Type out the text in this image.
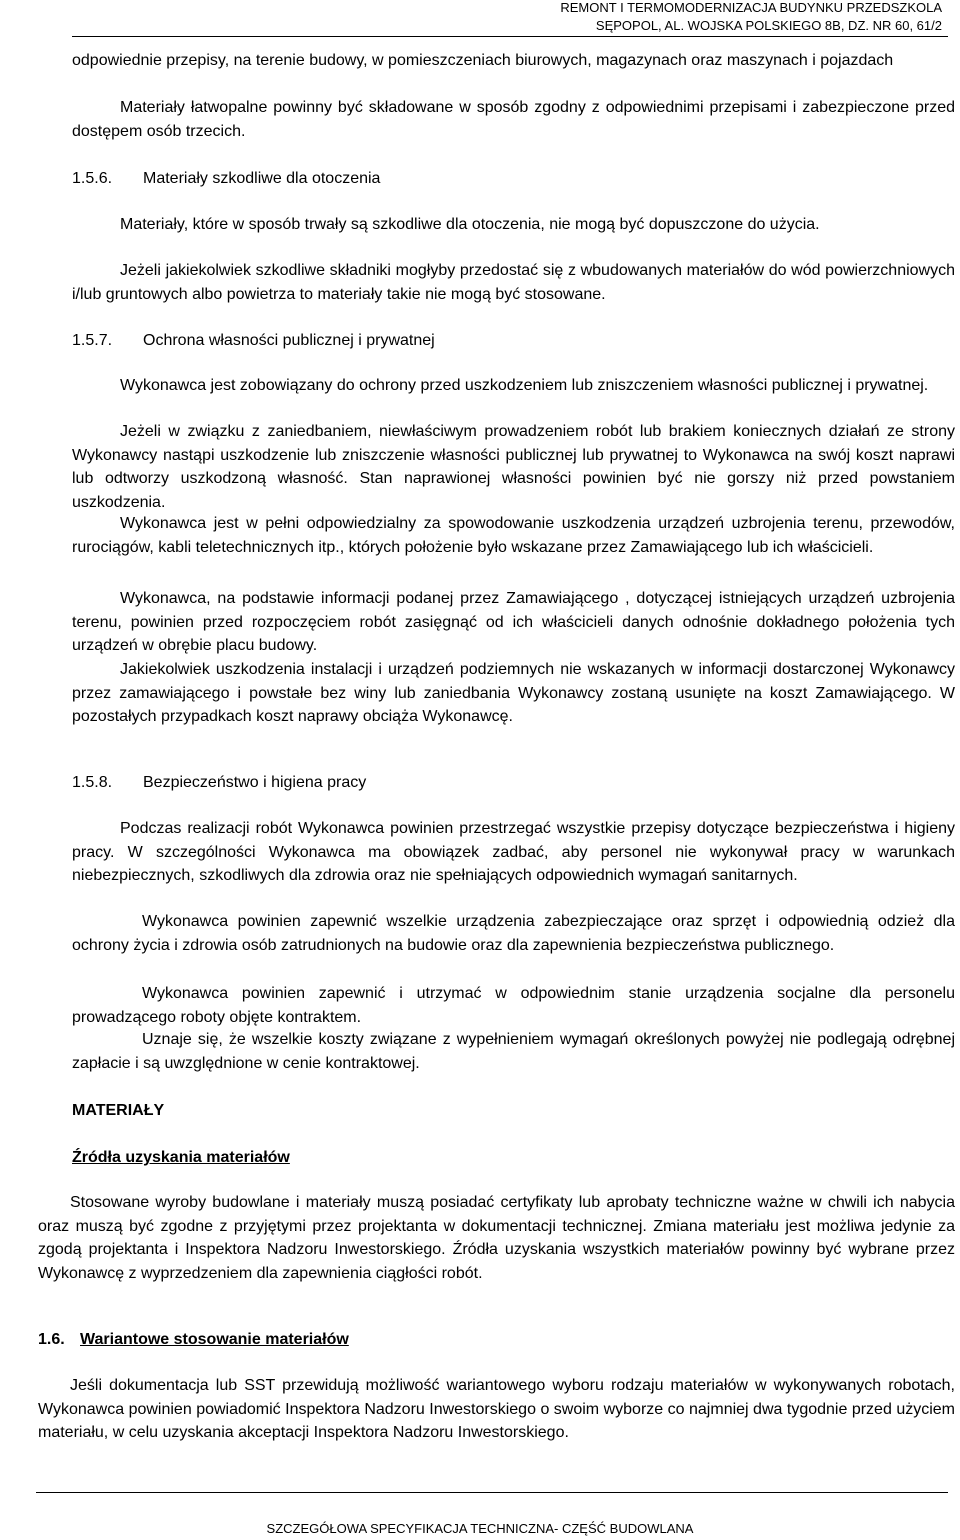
REMONT I TERMOMODERNIZACJA BUDYNKU PRZEDSZKOLA
SĘPOPOL, AL. WOJSKA POLSKIEGO 8B, DZ. NR 60, 61/2

odpowiednie przepisy, na terenie budowy, w pomieszczeniach biurowych, magazynach oraz maszynach i pojazdach

Materiały łatwopalne powinny być składowane w sposób zgodny z odpowiednimi przepisami i zabezpieczone przed dostępem osób trzecich.

1.5.6. Materiały szkodliwe dla otoczenia

Materiały, które w sposób trwały są szkodliwe dla otoczenia, nie mogą być dopuszczone do użycia.

Jeżeli jakiekolwiek szkodliwe składniki mogłyby przedostać się z wbudowanych materiałów do wód powierzchniowych i/lub gruntowych albo powietrza to materiały takie nie mogą być stosowane.

1.5.7. Ochrona własności publicznej i prywatnej

Wykonawca jest zobowiązany do ochrony przed uszkodzeniem lub zniszczeniem własności publicznej i prywatnej.

Jeżeli w związku z zaniedbaniem, niewłaściwym prowadzeniem robót lub brakiem koniecznych działań ze strony Wykonawcy nastąpi uszkodzenie lub zniszczenie własności publicznej lub prywatnej to Wykonawca na swój koszt naprawi lub odtworzy uszkodzoną własność. Stan naprawionej własności powinien być nie gorszy niż przed powstaniem uszkodzenia.

Wykonawca jest w pełni odpowiedzialny za spowodowanie uszkodzenia urządzeń uzbrojenia terenu, przewodów, rurociągów, kabli teletechnicznych itp., których położenie było wskazane przez Zamawiającego lub ich właścicieli.

Wykonawca, na podstawie informacji podanej przez Zamawiającego , dotyczącej istniejących urządzeń uzbrojenia terenu, powinien przed rozpoczęciem robót zasięgnąć od ich właścicieli danych odnośnie dokładnego położenia tych urządzeń w obrębie placu budowy.

Jakiekolwiek uszkodzenia instalacji i urządzeń podziemnych nie wskazanych w informacji dostarczonej Wykonawcy przez zamawiającego i powstałe bez winy lub zaniedbania Wykonawcy zostaną usunięte na koszt Zamawiającego. W pozostałych przypadkach koszt naprawy obciąża Wykonawcę.

1.5.8. Bezpieczeństwo i higiena pracy

Podczas realizacji robót Wykonawca powinien przestrzegać wszystkie przepisy dotyczące bezpieczeństwa i higieny pracy. W szczególności Wykonawca ma obowiązek zadbać, aby personel nie wykonywał pracy w warunkach niebezpiecznych, szkodliwych dla zdrowia oraz nie spełniających odpowiednich wymagań sanitarnych.

Wykonawca powinien zapewnić wszelkie urządzenia zabezpieczające oraz sprzęt i odpowiednią odzież dla ochrony życia i zdrowia osób zatrudnionych na budowie oraz dla zapewnienia bezpieczeństwa publicznego.

Wykonawca powinien zapewnić i utrzymać w odpowiednim stanie urządzenia socjalne dla personelu prowadzącego roboty objęte kontraktem.

Uznaje się, że wszelkie koszty związane z wypełnieniem wymagań określonych powyżej nie podlegają odrębnej zapłacie i są uwzględnione w cenie kontraktowej.

MATERIAŁY
Źródła uzyskania materiałów

Stosowane wyroby budowlane i materiały muszą posiadać certyfikaty lub aprobaty techniczne ważne w chwili ich nabycia oraz muszą być zgodne z przyjętymi przez projektanta w dokumentacji technicznej. Zmiana materiału jest możliwa jedynie za zgodą projektanta i Inspektora Nadzoru Inwestorskiego. Źródła uzyskania wszystkich materiałów powinny być wybrane przez Wykonawcę z wyprzedzeniem dla zapewnienia ciągłości robót.

1.6. Wariantowe stosowanie materiałów

Jeśli dokumentacja lub SST przewidują możliwość wariantowego wyboru rodzaju materiałów w wykonywanych robotach, Wykonawca powinien powiadomić Inspektora Nadzoru Inwestorskiego o swoim wyborze co najmniej dwa tygodnie przed użyciem materiału, w celu uzyskania akceptacji Inspektora Nadzoru Inwestorskiego.

SZCZEGÓŁOWA SPECYFIKACJA TECHNICZNA- CZĘŚĆ BUDOWLANA
